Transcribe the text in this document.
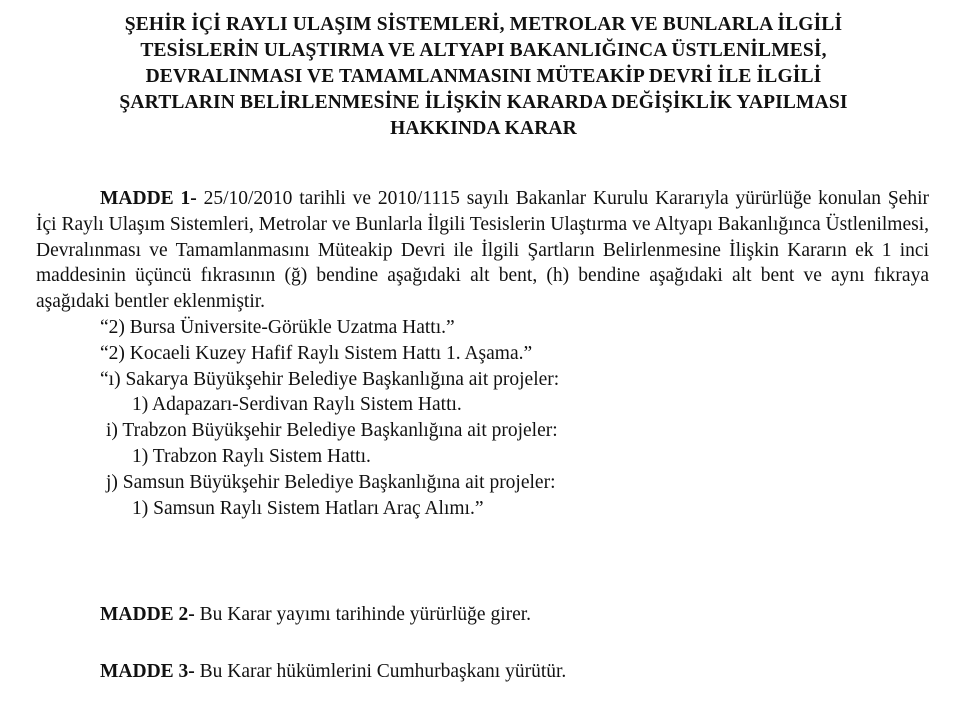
ŞEHİR İÇİ RAYLI ULAŞIM SİSTEMLERİ, METROLAR VE BUNLARLA İLGİLİ
TESİSLERİN ULAŞTIRMA VE ALTYAPI BAKANLIĞINCA ÜSTLENİLMESİ,
DEVRALINMASI VE TAMAMLANMASINI MÜTEAKİP DEVRİ İLE İLGİLİ
ŞARTLARIN BELİRLENMESİNE İLİŞKİN KARARDA DEĞİŞİKLİK YAPILMASI
HAKKINDA KARAR

MADDE 1- 25/10/2010 tarihli ve 2010/1115 sayılı Bakanlar Kurulu Kararıyla yürürlüğe konulan Şehir İçi Raylı Ulaşım Sistemleri, Metrolar ve Bunlarla İlgili Tesislerin Ulaştırma ve Altyapı Bakanlığınca Üstlenilmesi, Devralınması ve Tamamlanmasını Müteakip Devri ile İlgili Şartların Belirlenmesine İlişkin Kararın ek 1 inci maddesinin üçüncü fıkrasının (ğ) bendine aşağıdaki alt bent, (h) bendine aşağıdaki alt bent ve aynı fıkraya aşağıdaki bentler eklenmiştir.

“2) Bursa Üniversite-Görükle Uzatma Hattı.”

“2) Kocaeli Kuzey Hafif Raylı Sistem Hattı 1. Aşama.”

“ı) Sakarya Büyükşehir Belediye Başkanlığına ait projeler:

1) Adapazarı-Serdivan Raylı Sistem Hattı.

i) Trabzon Büyükşehir Belediye Başkanlığına ait projeler:

1) Trabzon Raylı Sistem Hattı.

j) Samsun Büyükşehir Belediye Başkanlığına ait projeler:

1) Samsun Raylı Sistem Hatları Araç Alımı.”

MADDE 2- Bu Karar yayımı tarihinde yürürlüğe girer.
MADDE 3- Bu Karar hükümlerini Cumhurbaşkanı yürütür.
